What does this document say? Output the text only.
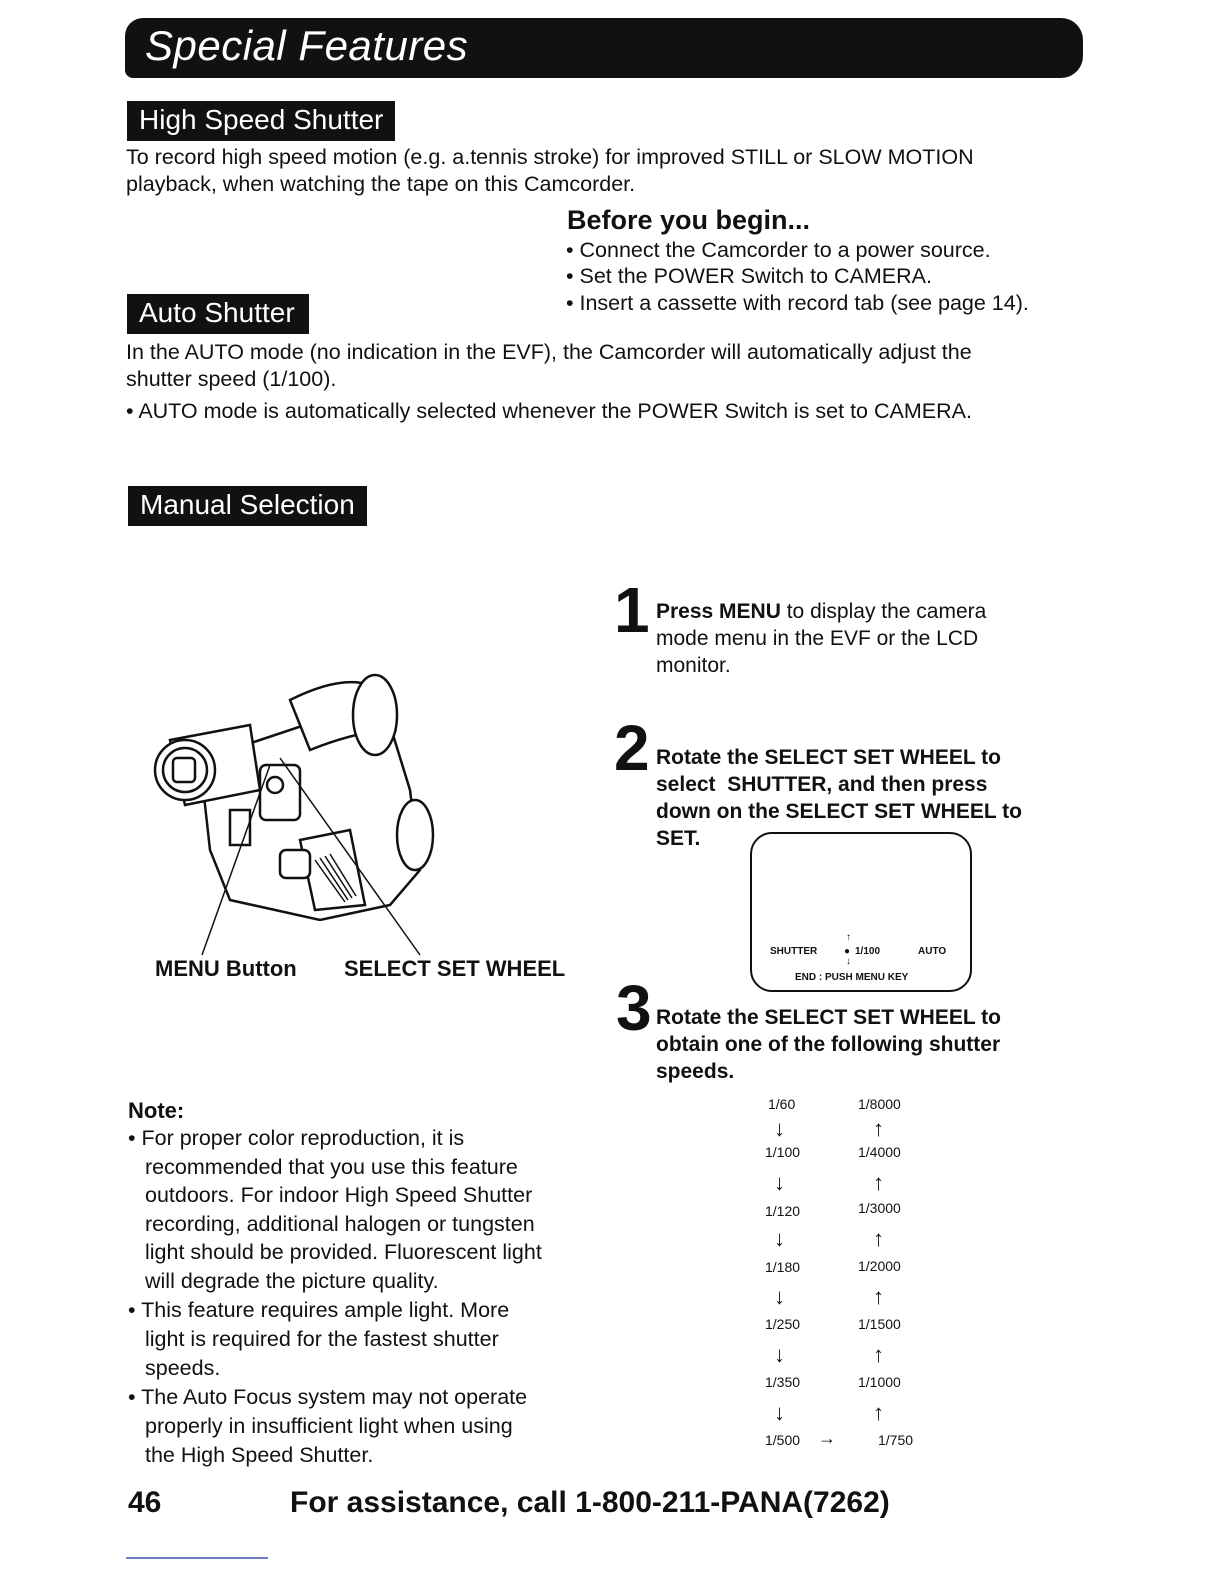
Special Features
High Speed Shutter
To record high speed motion (e.g. a.tennis stroke) for improved STILL or SLOW MOTION
playback, when watching the tape on this Camcorder.
Before you begin...
• Connect the Camcorder to a power source.
• Set the POWER Switch to CAMERA.
• Insert a cassette with record tab (see page 14).
Auto Shutter
In the AUTO mode (no indication in the EVF), the Camcorder will automatically adjust the
shutter speed (1/100).
• AUTO mode is automatically selected whenever the POWER Switch is set to CAMERA.
Manual Selection
MENU Button SELECT SET WHEEL
1 Press MENU to display the camera
mode menu in the EVF or the LCD
monitor.
2 Rotate the SELECT SET WHEEL to
select  SHUTTER, and then press
down on the SELECT SET WHEEL to
SET.
SHUTTER
↑
● 1/100
↓
AUTO
END : PUSH MENU KEY
3 Rotate the SELECT SET WHEEL to
obtain one of the following shutter
speeds.
1/60
1/100
1/120
1/180
1/250
1/350
1/500
1/8000
1/4000
1/3000
1/2000
1/1500
1/1000
1/750
↓
↓
↓
↓
↓
↓
↑
↑
↑
↑
↑
↑
→
Note:
• For proper color reproduction, it is
recommended that you use this feature
outdoors. For indoor High Speed Shutter
recording, additional halogen or tungsten
light should be provided. Fluorescent light
will degrade the picture quality.
• This feature requires ample light. More
light is required for the fastest shutter
speeds.
• The Auto Focus system may not operate
properly in insufficient light when using
the High Speed Shutter.
46	For assistance, call 1-800-211-PANA(7262)
